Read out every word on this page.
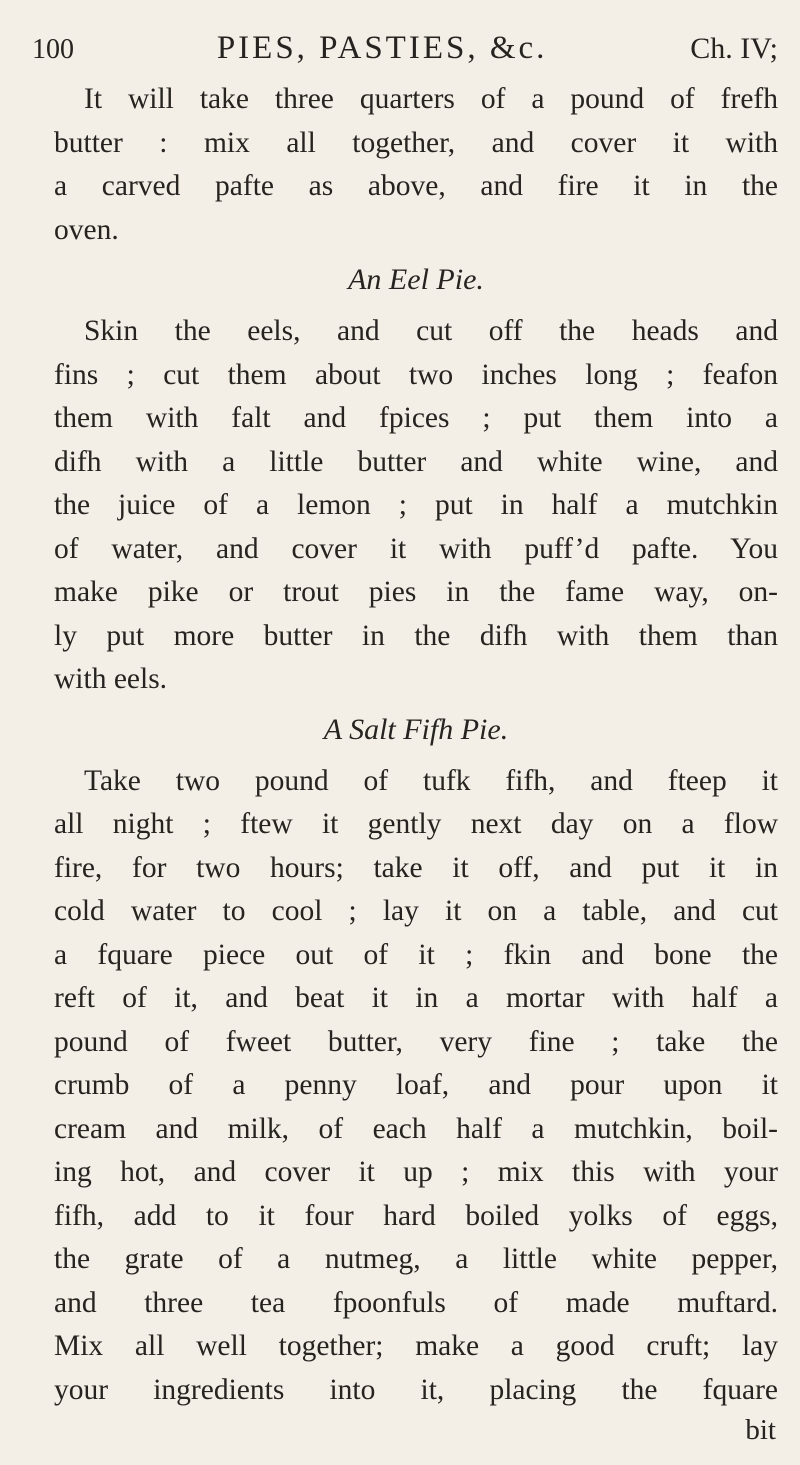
100	PIES, PASTIES, &c.	Ch. IV;
It will take three quarters of a pound of frefh
butter : mix all together, and cover it with
a carved pafte as above, and fire it in the
oven.
An Eel Pie.
Skin the eels, and cut off the heads and
fins ; cut them about two inches long ; feafon
them with falt and fpices ; put them into a
difh with a little butter and white wine, and
the juice of a lemon ; put in half a mutchkin
of water, and cover it with puff’d pafte. You
make pike or trout pies in the fame way, on-
ly put more butter in the difh with them than
with eels.
A Salt Fifh Pie.
Take two pound of tufk fifh, and fteep it
all night ; ftew it gently next day on a flow
fire, for two hours; take it off, and put it in
cold water to cool ; lay it on a table, and cut
a fquare piece out of it ; fkin and bone the
reft of it, and beat it in a mortar with half a
pound of fweet butter, very fine ; take the
crumb of a penny loaf, and pour upon it
cream and milk, of each half a mutchkin, boil-
ing hot, and cover it up ; mix this with your
fifh, add to it four hard boiled yolks of eggs,
the grate of a nutmeg, a little white pepper,
and three tea fpoonfuls of made muftard.
Mix all well together; make a good cruft; lay
your ingredients into it, placing the fquare
bit
